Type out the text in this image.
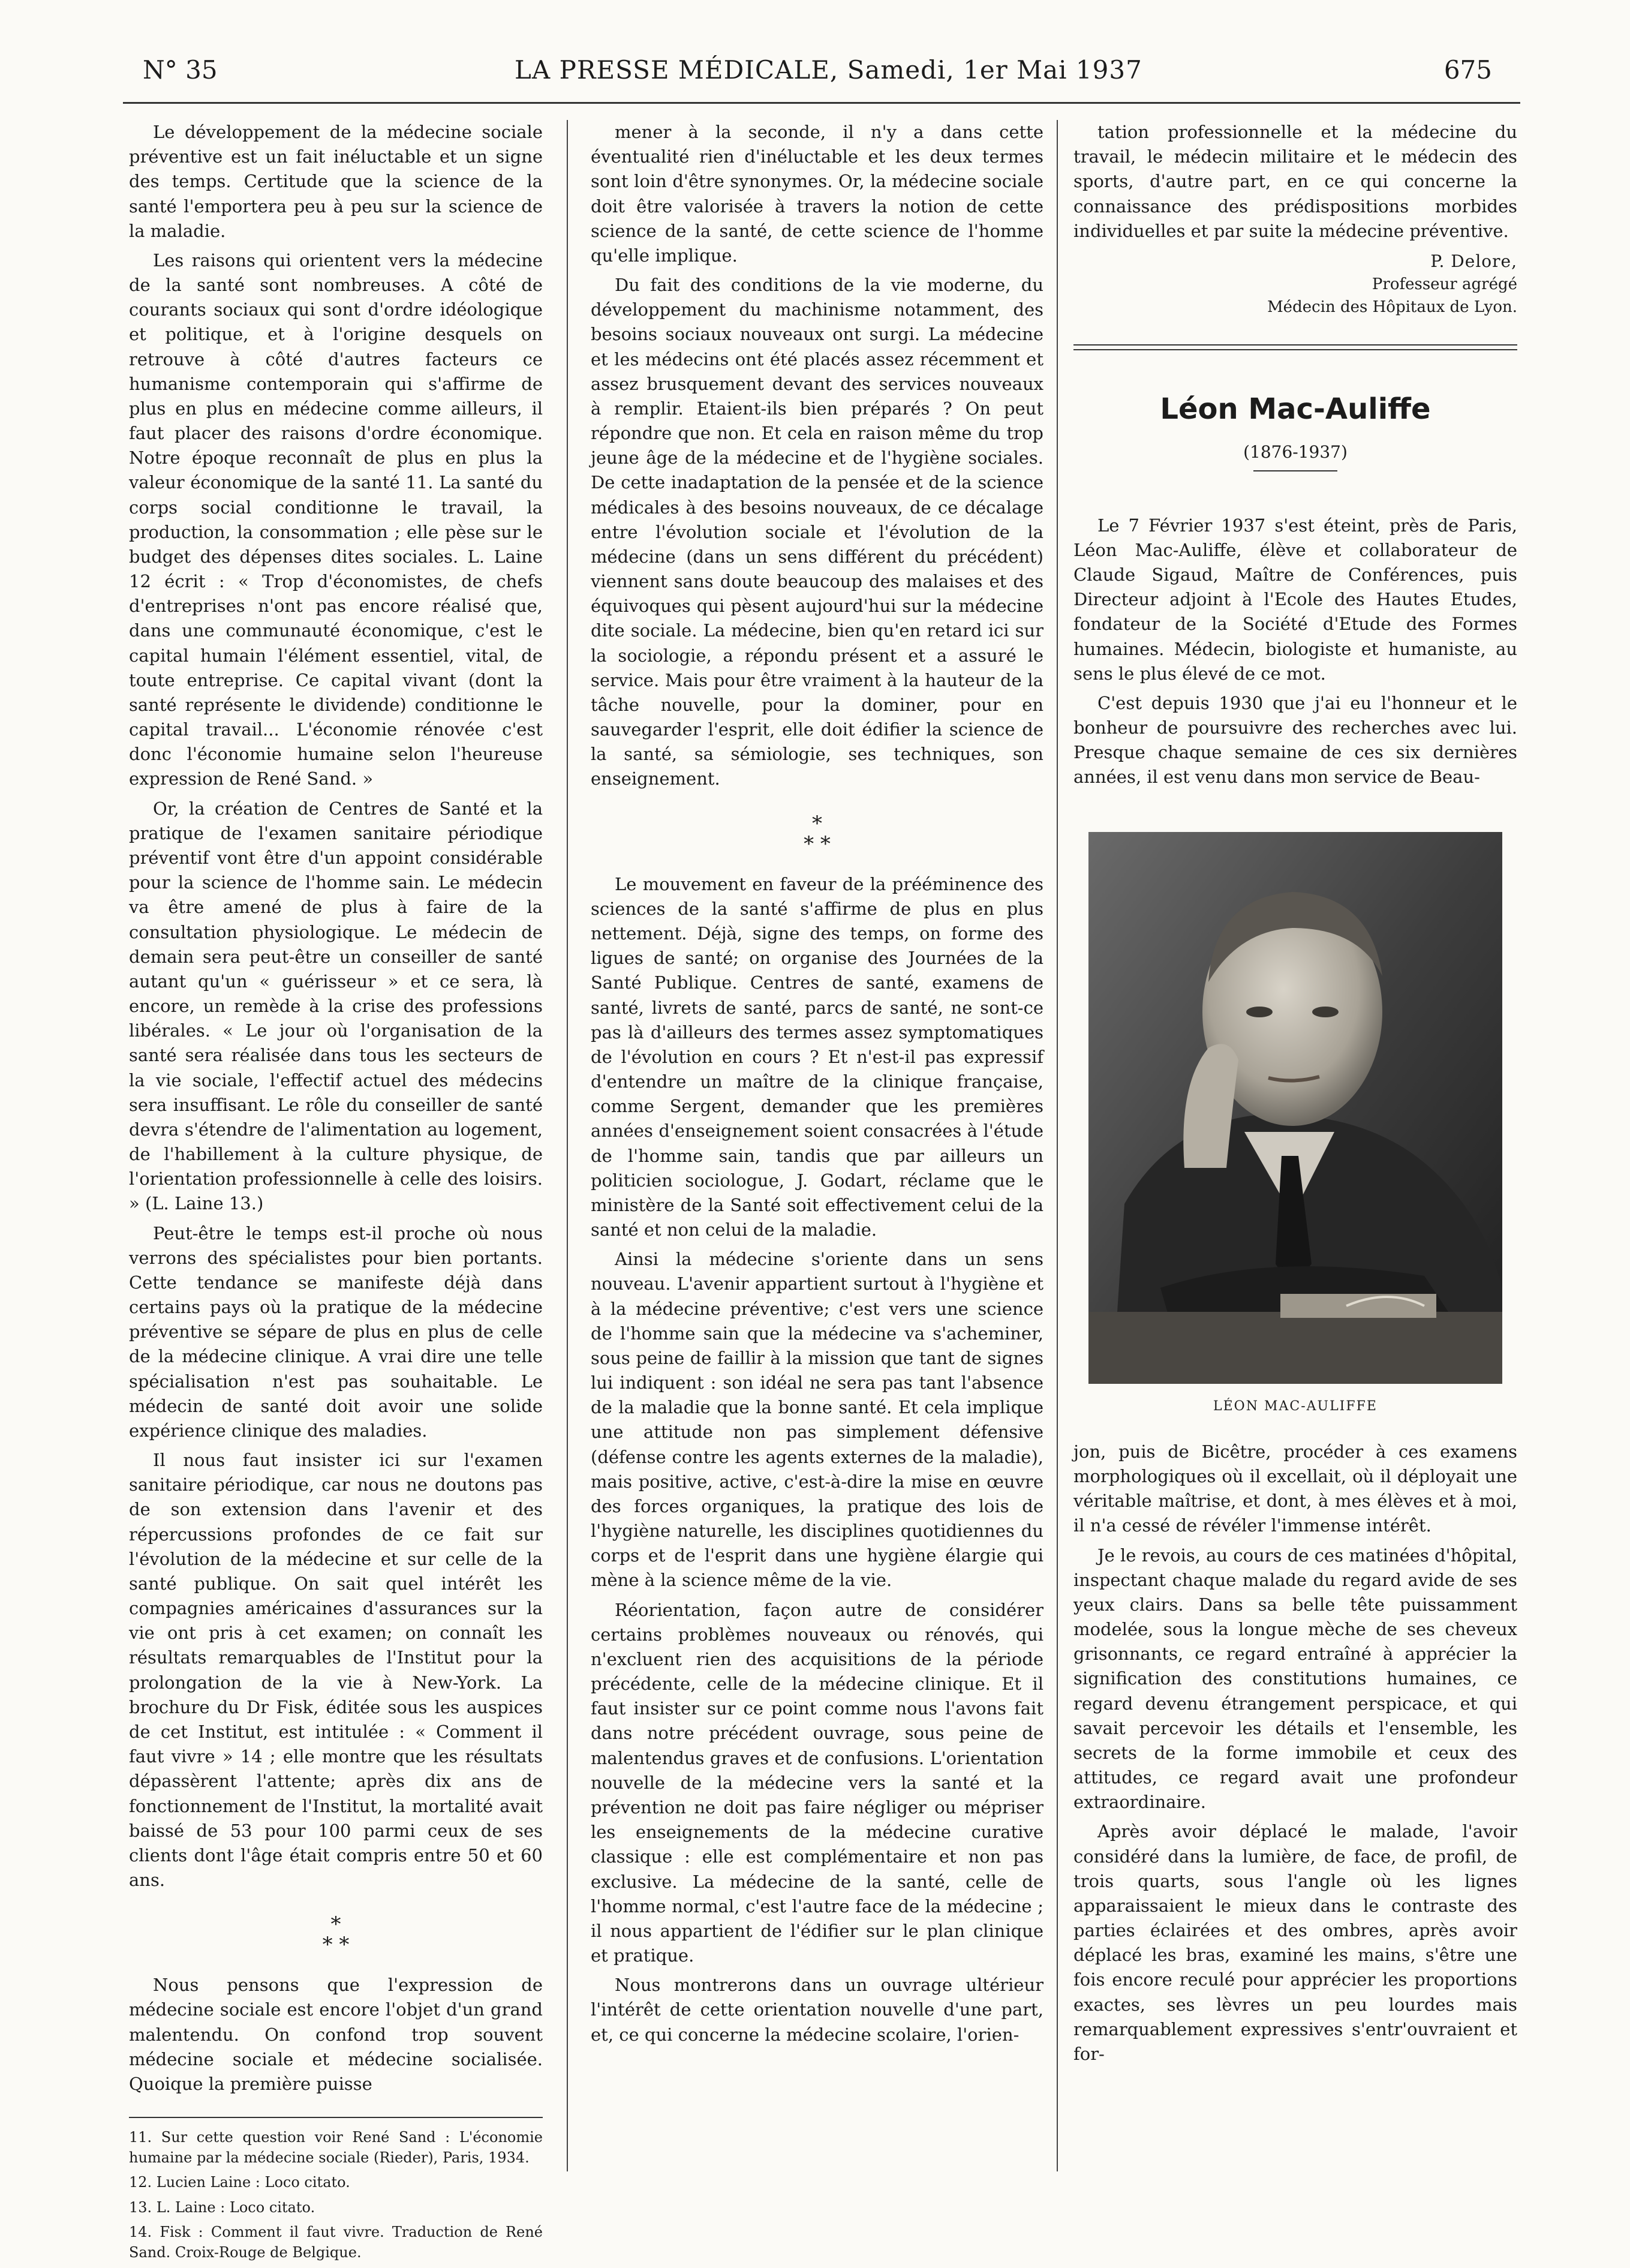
N° 35	LA PRESSE MÉDICALE, Samedi, 1er Mai 1937	675

Le développement de la médecine sociale préventive est un fait inéluctable et un signe des temps. Certitude que la science de la santé l'emportera peu à peu sur la science de la maladie.

Les raisons qui orientent vers la médecine de la santé sont nombreuses. A côté de courants sociaux qui sont d'ordre idéologique et politique, et à l'origine desquels on retrouve à côté d'autres facteurs ce humanisme contemporain qui s'affirme de plus en plus en médecine comme ailleurs, il faut placer des raisons d'ordre économique. Notre époque reconnaît de plus en plus la valeur économique de la santé 11. La santé du corps social conditionne le travail, la production, la consommation ; elle pèse sur le budget des dépenses dites sociales. L. Laine 12 écrit : « Trop d'économistes, de chefs d'entreprises n'ont pas encore réalisé que, dans une communauté économique, c'est le capital humain l'élément essentiel, vital, de toute entreprise. Ce capital vivant (dont la santé représente le dividende) conditionne le capital travail... L'économie rénovée c'est donc l'économie humaine selon l'heureuse expression de René Sand. »

Or, la création de Centres de Santé et la pratique de l'examen sanitaire périodique préventif vont être d'un appoint considérable pour la science de l'homme sain. Le médecin va être amené de plus à faire de la consultation physiologique. Le médecin de demain sera peut-être un conseiller de santé autant qu'un « guérisseur » et ce sera, là encore, un remède à la crise des professions libérales. « Le jour où l'organisation de la santé sera réalisée dans tous les secteurs de la vie sociale, l'effectif actuel des médecins sera insuffisant. Le rôle du conseiller de santé devra s'étendre de l'alimentation au logement, de l'habillement à la culture physique, de l'orientation professionnelle à celle des loisirs. » (L. Laine 13.)

Peut-être le temps est-il proche où nous verrons des spécialistes pour bien portants. Cette tendance se manifeste déjà dans certains pays où la pratique de la médecine préventive se sépare de plus en plus de celle de la médecine clinique. A vrai dire une telle spécialisation n'est pas souhaitable. Le médecin de santé doit avoir une solide expérience clinique des maladies.

Il nous faut insister ici sur l'examen sanitaire périodique, car nous ne doutons pas de son extension dans l'avenir et des répercussions profondes de ce fait sur l'évolution de la médecine et sur celle de la santé publique. On sait quel intérêt les compagnies américaines d'assurances sur la vie ont pris à cet examen; on connaît les résultats remarquables de l'Institut pour la prolongation de la vie à New-York. La brochure du Dr Fisk, éditée sous les auspices de cet Institut, est intitulée : « Comment il faut vivre » 14 ; elle montre que les résultats dépassèrent l'attente; après dix ans de fonctionnement de l'Institut, la mortalité avait baissé de 53 pour 100 parmi ceux de ses clients dont l'âge était compris entre 50 et 60 ans.

*
* *

Nous pensons que l'expression de médecine sociale est encore l'objet d'un grand malentendu. On confond trop souvent médecine sociale et médecine socialisée. Quoique la première puisse

11. Sur cette question voir René Sand : L'économie humaine par la médecine sociale (Rieder), Paris, 1934.

12. Lucien Laine : Loco citato.

13. L. Laine : Loco citato.

14. Fisk : Comment il faut vivre. Traduction de René Sand. Croix-Rouge de Belgique.

mener à la seconde, il n'y a dans cette éventualité rien d'inéluctable et les deux termes sont loin d'être synonymes. Or, la médecine sociale doit être valorisée à travers la notion de cette science de la santé, de cette science de l'homme qu'elle implique.

Du fait des conditions de la vie moderne, du développement du machinisme notamment, des besoins sociaux nouveaux ont surgi. La médecine et les médecins ont été placés assez récemment et assez brusquement devant des services nouveaux à remplir. Etaient-ils bien préparés ? On peut répondre que non. Et cela en raison même du trop jeune âge de la médecine et de l'hygiène sociales. De cette inadaptation de la pensée et de la science médicales à des besoins nouveaux, de ce décalage entre l'évolution sociale et l'évolution de la médecine (dans un sens différent du précédent) viennent sans doute beaucoup des malaises et des équivoques qui pèsent aujourd'hui sur la médecine dite sociale. La médecine, bien qu'en retard ici sur la sociologie, a répondu présent et a assuré le service. Mais pour être vraiment à la hauteur de la tâche nouvelle, pour la dominer, pour en sauvegarder l'esprit, elle doit édifier la science de la santé, sa sémiologie, ses techniques, son enseignement.

*
* *

Le mouvement en faveur de la prééminence des sciences de la santé s'affirme de plus en plus nettement. Déjà, signe des temps, on forme des ligues de santé; on organise des Journées de la Santé Publique. Centres de santé, examens de santé, livrets de santé, parcs de santé, ne sont-ce pas là d'ailleurs des termes assez symptomatiques de l'évolution en cours ? Et n'est-il pas expressif d'entendre un maître de la clinique française, comme Sergent, demander que les premières années d'enseignement soient consacrées à l'étude de l'homme sain, tandis que par ailleurs un politicien sociologue, J. Godart, réclame que le ministère de la Santé soit effectivement celui de la santé et non celui de la maladie.

Ainsi la médecine s'oriente dans un sens nouveau. L'avenir appartient surtout à l'hygiène et à la médecine préventive; c'est vers une science de l'homme sain que la médecine va s'acheminer, sous peine de faillir à la mission que tant de signes lui indiquent : son idéal ne sera pas tant l'absence de la maladie que la bonne santé. Et cela implique une attitude non pas simplement défensive (défense contre les agents externes de la maladie), mais positive, active, c'est-à-dire la mise en œuvre des forces organiques, la pratique des lois de l'hygiène naturelle, les disciplines quotidiennes du corps et de l'esprit dans une hygiène élargie qui mène à la science même de la vie.

Réorientation, façon autre de considérer certains problèmes nouveaux ou rénovés, qui n'excluent rien des acquisitions de la période précédente, celle de la médecine clinique. Et il faut insister sur ce point comme nous l'avons fait dans notre précédent ouvrage, sous peine de malentendus graves et de confusions. L'orientation nouvelle de la médecine vers la santé et la prévention ne doit pas faire négliger ou mépriser les enseignements de la médecine curative classique : elle est complémentaire et non pas exclusive. La médecine de la santé, celle de l'homme normal, c'est l'autre face de la médecine ; il nous appartient de l'édifier sur le plan clinique et pratique.

Nous montrerons dans un ouvrage ultérieur l'intérêt de cette orientation nouvelle d'une part, et, ce qui concerne la médecine scolaire, l'orien-

tation professionnelle et la médecine du travail, le médecin militaire et le médecin des sports, d'autre part, en ce qui concerne la connaissance des prédispositions morbides individuelles et par suite la médecine préventive.

P. Delore,
Professeur agrégé
Médecin des Hôpitaux de Lyon.
Léon Mac-Auliffe
(1876-1937)

Le 7 Février 1937 s'est éteint, près de Paris, Léon Mac-Auliffe, élève et collaborateur de Claude Sigaud, Maître de Conférences, puis Directeur adjoint à l'Ecole des Hautes Etudes, fondateur de la Société d'Etude des Formes humaines. Médecin, biologiste et humaniste, au sens le plus élevé de ce mot.

C'est depuis 1930 que j'ai eu l'honneur et le bonheur de poursuivre des recherches avec lui. Presque chaque semaine de ces six dernières années, il est venu dans mon service de Beau-

LÉON MAC-AULIFFE

jon, puis de Bicêtre, procéder à ces examens morphologiques où il excellait, où il déployait une véritable maîtrise, et dont, à mes élèves et à moi, il n'a cessé de révéler l'immense intérêt.

Je le revois, au cours de ces matinées d'hôpital, inspectant chaque malade du regard avide de ses yeux clairs. Dans sa belle tête puissamment modelée, sous la longue mèche de ses cheveux grisonnants, ce regard entraîné à apprécier la signification des constitutions humaines, ce regard devenu étrangement perspicace, et qui savait percevoir les détails et l'ensemble, les secrets de la forme immobile et ceux des attitudes, ce regard avait une profondeur extraordinaire.

Après avoir déplacé le malade, l'avoir considéré dans la lumière, de face, de profil, de trois quarts, sous l'angle où les lignes apparaissaient le mieux dans le contraste des parties éclairées et des ombres, après avoir déplacé les bras, examiné les mains, s'être une fois encore reculé pour apprécier les proportions exactes, ses lèvres un peu lourdes mais remarquablement expressives s'entr'ouvraient et for-
